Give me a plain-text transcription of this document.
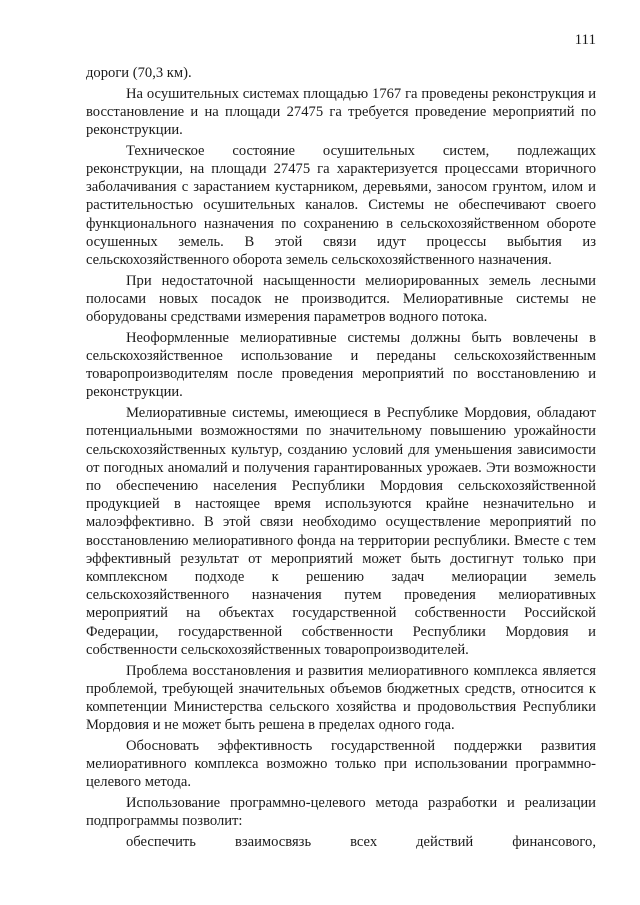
111

дороги (70,3 км).

На осушительных системах площадью 1767 га проведены реконструкция и восстановление и на площади 27475 га требуется проведение мероприятий по реконструкции.

Техническое состояние осушительных систем, подлежащих реконструкции, на площади 27475 га характеризуется процессами вторичного заболачивания с зарастанием кустарником, деревьями, заносом грунтом, илом и растительностью осушительных каналов. Системы не обеспечивают своего функционального назначения по сохранению в сельскохозяйственном обороте осушенных земель. В этой связи идут процессы выбытия из сельскохозяйственного оборота земель сельскохозяйственного назначения.

При недостаточной насыщенности мелиорированных земель лесными полосами новых посадок не производится. Мелиоративные системы не оборудованы средствами измерения параметров водного потока.

Неоформленные мелиоративные системы должны быть вовлечены в сельскохозяйственное использование и переданы сельскохозяйственным товаропроизводителям после проведения мероприятий по восстановлению и реконструкции.

Мелиоративные системы, имеющиеся в Республике Мордовия, обладают потенциальными возможностями по значительному повышению урожайности сельскохозяйственных культур, созданию условий для уменьшения зависимости от погодных аномалий и получения гарантированных урожаев. Эти возможности по обеспечению населения Республики Мордовия сельскохозяйственной продукцией в настоящее время используются крайне незначительно и малоэффективно. В этой связи необходимо осуществление мероприятий по восстановлению мелиоративного фонда на территории республики. Вместе с тем эффективный результат от мероприятий может быть достигнут только при комплексном подходе к решению задач мелиорации земель сельскохозяйственного назначения путем проведения мелиоративных мероприятий на объектах государственной собственности Российской Федерации, государственной собственности Республики Мордовия и собственности сельскохозяйственных товаропроизводителей.

Проблема восстановления и развития мелиоративного комплекса является проблемой, требующей значительных объемов бюджетных средств, относится к компетенции Министерства сельского хозяйства и продовольствия Республики Мордовия и не может быть решена в пределах одного года.

Обосновать эффективность государственной поддержки развития мелиоративного комплекса возможно только при использовании программно-целевого метода.

Использование программно-целевого метода разработки и реализации подпрограммы позволит:

обеспечить взаимосвязь всех действий финансового,
